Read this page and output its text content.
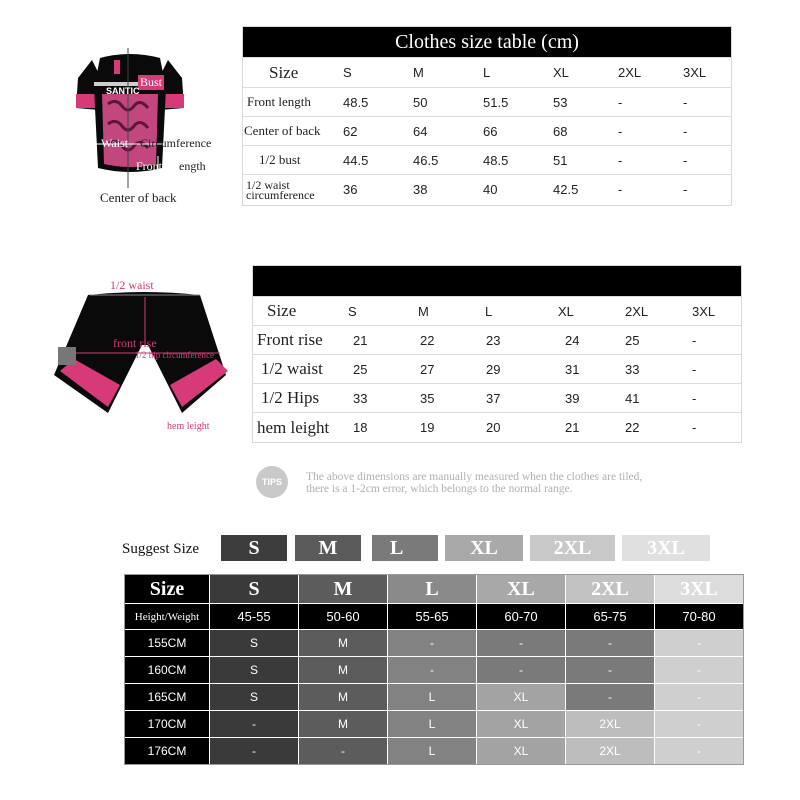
Bust
SANTIC
Waist Circumference
Front l ength
Center of back
Clothes size table (cm)
Size	S	M	L	XL	2XL	3XL
Front length	48.5	50	51.5	53	-	-
Center of back	62	64	66	68	-	-
1/2 bust	44.5	46.5	48.5	51	-	-
1/2 waist
circumference	36	38	40	42.5	-	-
1/2 waist
front rise
1/2 hip circumference
hem leight
Size	S	M	L	XL	2XL	3XL
Front rise	21	22	23	24	25	-
1/2 waist	25	27	29	31	33	-
1/2 Hips	33	35	37	39	41	-
hem leight	18	19	20	21	22	-
TIPS	The above dimensions are manually measured when the clothes are tiled,
there is a 1-2cm error, which belongs to the normal range.
Suggest Size	S	M	L	XL	2XL	3XL
Size	S	M	L	XL	2XL	3XL
Height/Weight	45-55	50-60	55-65	60-70	65-75	70-80
155CM	S	M	-	-	-	-
160CM	S	M	-	-	-	-
165CM	S	M	L	XL	-	-
170CM	-	M	L	XL	2XL	-
176CM	-	-	L	XL	2XL	-
